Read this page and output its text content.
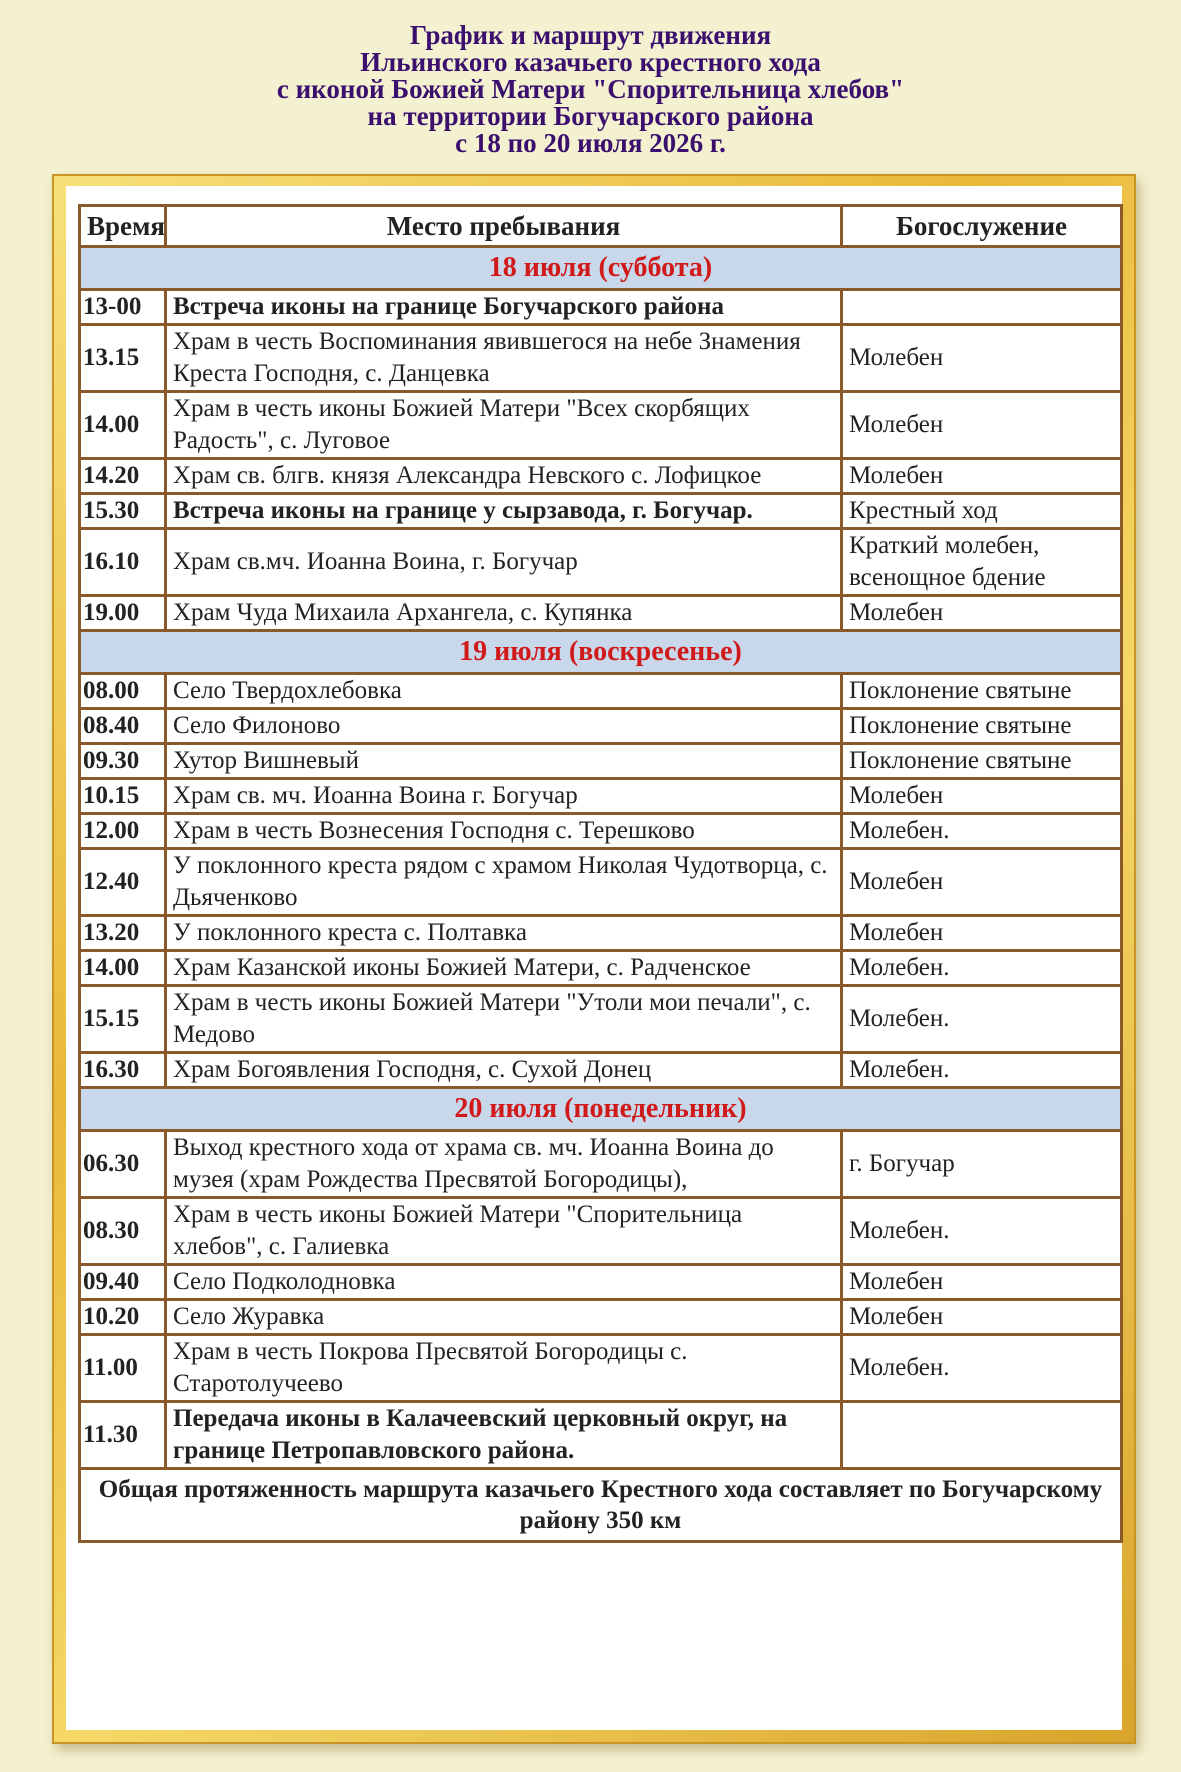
График и маршрут движения
Ильинского казачьего крестного хода
с иконой Божией Матери "Спорительница хлебов"
на территории Богучарского района
с 18 по 20 июля 2026 г.
Время	Место пребывания	Богослужение
18 июля (суббота)		
13-00	Встреча иконы на границе Богучарского района	
13.15	Храм в честь Воспоминания явившегося на небе Знамения Креста Господня, с. Данцевка	Молебен
14.00	Храм в честь иконы Божией Матери "Всех скорбящих Радость", с. Луговое	Молебен
14.20	Храм св. блгв. князя Александра Невского с. Лофицкое	Молебен
15.30	Встреча иконы на границе у сырзавода, г. Богучар.	Крестный ход
16.10	Храм св.мч. Иоанна Воина, г. Богучар	Краткий молебен, всенощное бдение
19.00	Храм Чуда Михаила Архангела, с. Купянка	Молебен
19 июля (воскресенье)		
08.00	Село Твердохлебовка	Поклонение святыне
08.40	Село Филоново	Поклонение святыне
09.30	Хутор Вишневый	Поклонение святыне
10.15	Храм св. мч. Иоанна Воина г. Богучар	Молебен
12.00	Храм в честь Вознесения Господня с. Терешково	Молебен.
12.40	У поклонного креста рядом с храмом Николая Чудотворца, с. Дьяченково	Молебен
13.20	У поклонного креста с. Полтавка	Молебен
14.00	Храм Казанской иконы Божией Матери, с. Радченское	Молебен.
15.15	Храм в честь иконы Божией Матери "Утоли мои печали", с. Медово	Молебен.
16.30	Храм Богоявления Господня, с. Сухой Донец	Молебен.
20 июля (понедельник)		
06.30	Выход крестного хода от храма св. мч. Иоанна Воина до музея (храм Рождества Пресвятой Богородицы),	г. Богучар
08.30	Храм в честь иконы Божией Матери "Спорительница хлебов", с. Галиевка	Молебен.
09.40	Село Подколодновка	Молебен
10.20	Село Журавка	Молебен
11.00	Храм в честь Покрова Пресвятой Богородицы с. Старотолучеево	Молебен.
11.30	Передача иконы в Калачеевский церковный округ, на границе Петропавловского района.	
Общая протяженность маршрута казачьего Крестного хода составляет по Богучарскому району 350 км		
